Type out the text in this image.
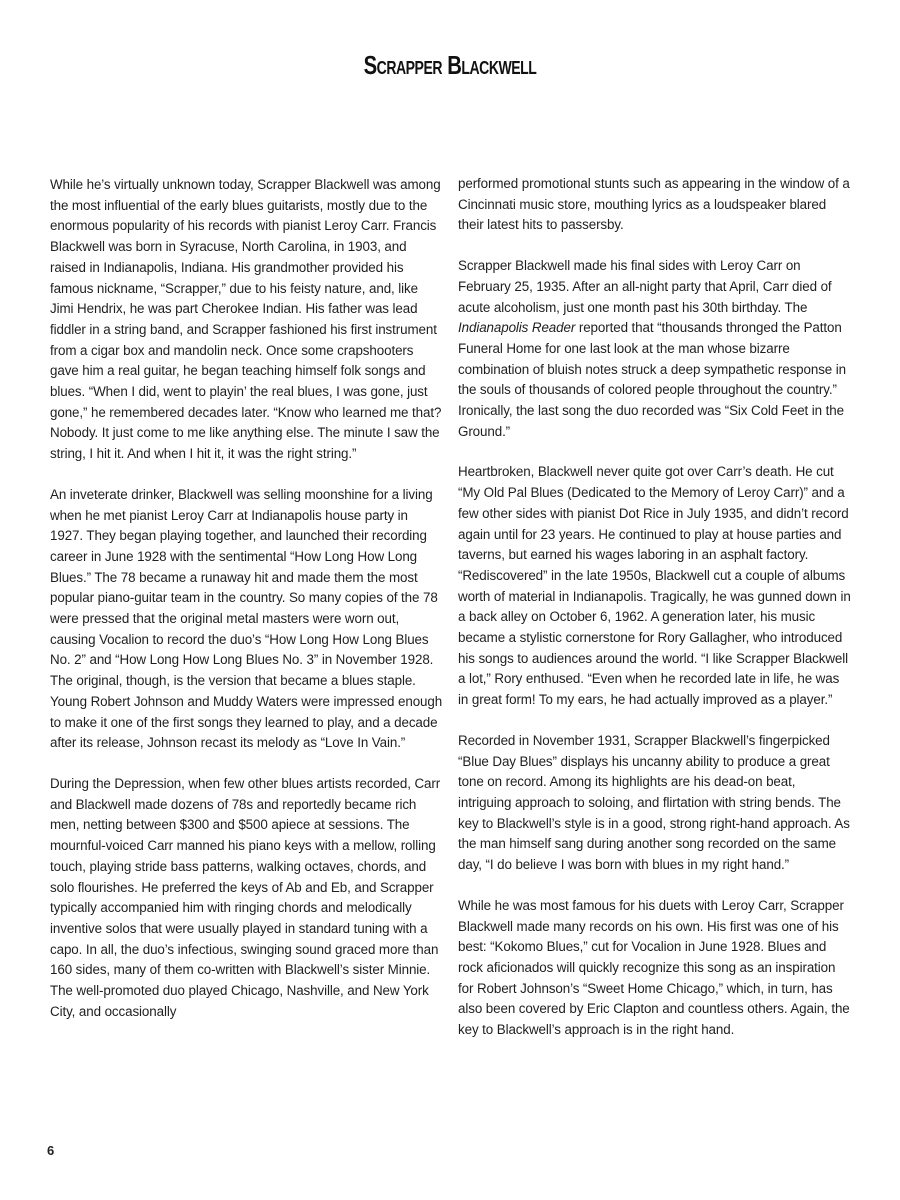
Scrapper Blackwell

While he’s virtually unknown today, Scrapper Blackwell was among the most influential of the early blues guitarists, mostly due to the enormous popularity of his records with pianist Leroy Carr. Francis Blackwell was born in Syracuse, North Carolina, in 1903, and raised in Indianapolis, Indiana. His grandmother provided his famous nickname, “Scrapper,” due to his feisty nature, and, like Jimi Hendrix, he was part Cherokee Indian. His father was lead fiddler in a string band, and Scrapper fashioned his first instrument from a cigar box and mandolin neck. Once some crapshooters gave him a real guitar, he began teaching himself folk songs and blues. “When I did, went to playin’ the real blues, I was gone, just gone,” he remembered decades later. “Know who learned me that? Nobody. It just come to me like anything else. The minute I saw the string, I hit it. And when I hit it, it was the right string.”

An inveterate drinker, Blackwell was selling moonshine for a living when he met pianist Leroy Carr at Indianapolis house party in 1927. They began playing together, and launched their recording career in June 1928 with the sentimental “How Long How Long Blues.” The 78 became a runaway hit and made them the most popular piano-guitar team in the country. So many copies of the 78 were pressed that the original metal masters were worn out, causing Vocalion to record the duo’s “How Long How Long Blues No. 2” and “How Long How Long Blues No. 3” in November 1928. The original, though, is the version that became a blues staple. Young Robert Johnson and Muddy Waters were impressed enough to make it one of the first songs they learned to play, and a decade after its release, Johnson recast its melody as “Love In Vain.”

During the Depression, when few other blues artists recorded, Carr and Blackwell made dozens of 78s and reportedly became rich men, netting between $300 and $500 apiece at sessions. The mournful-voiced Carr manned his piano keys with a mellow, rolling touch, playing stride bass patterns, walking octaves, chords, and solo flourishes. He preferred the keys of Ab and Eb, and Scrapper typically accompanied him with ringing chords and melodically inventive solos that were usually played in standard tuning with a capo. In all, the duo’s infectious, swinging sound graced more than 160 sides, many of them co-written with Blackwell’s sister Minnie. The well-promoted duo played Chicago, Nashville, and New York City, and occasionally

performed promotional stunts such as appearing in the window of a Cincinnati music store, mouthing lyrics as a loudspeaker blared their latest hits to passersby.

Scrapper Blackwell made his final sides with Leroy Carr on February 25, 1935. After an all-night party that April, Carr died of acute alcoholism, just one month past his 30th birthday. The Indianapolis Reader reported that “thousands thronged the Patton Funeral Home for one last look at the man whose bizarre combination of bluish notes struck a deep sympathetic response in the souls of thousands of colored people throughout the country.” Ironically, the last song the duo recorded was “Six Cold Feet in the Ground.”

Heartbroken, Blackwell never quite got over Carr’s death. He cut “My Old Pal Blues (Dedicated to the Memory of Leroy Carr)” and a few other sides with pianist Dot Rice in July 1935, and didn’t record again until for 23 years. He continued to play at house parties and taverns, but earned his wages laboring in an asphalt factory. “Rediscovered” in the late 1950s, Blackwell cut a couple of albums worth of material in Indianapolis. Tragically, he was gunned down in a back alley on October 6, 1962. A generation later, his music became a stylistic cornerstone for Rory Gallagher, who introduced his songs to audiences around the world. “I like Scrapper Blackwell a lot,” Rory enthused. “Even when he recorded late in life, he was in great form! To my ears, he had actually improved as a player.”

Recorded in November 1931, Scrapper Blackwell’s fingerpicked “Blue Day Blues” displays his uncanny ability to produce a great tone on record. Among its highlights are his dead-on beat, intriguing approach to soloing, and flirtation with string bends. The key to Blackwell’s style is in a good, strong right-hand approach. As the man himself sang during another song recorded on the same day, “I do believe I was born with blues in my right hand.”

While he was most famous for his duets with Leroy Carr, Scrapper Blackwell made many records on his own. His first was one of his best: “Kokomo Blues,” cut for Vocalion in June 1928. Blues and rock aficionados will quickly recognize this song as an inspiration for Robert Johnson’s “Sweet Home Chicago,” which, in turn, has also been covered by Eric Clapton and countless others. Again, the key to Blackwell’s approach is in the right hand.

6
